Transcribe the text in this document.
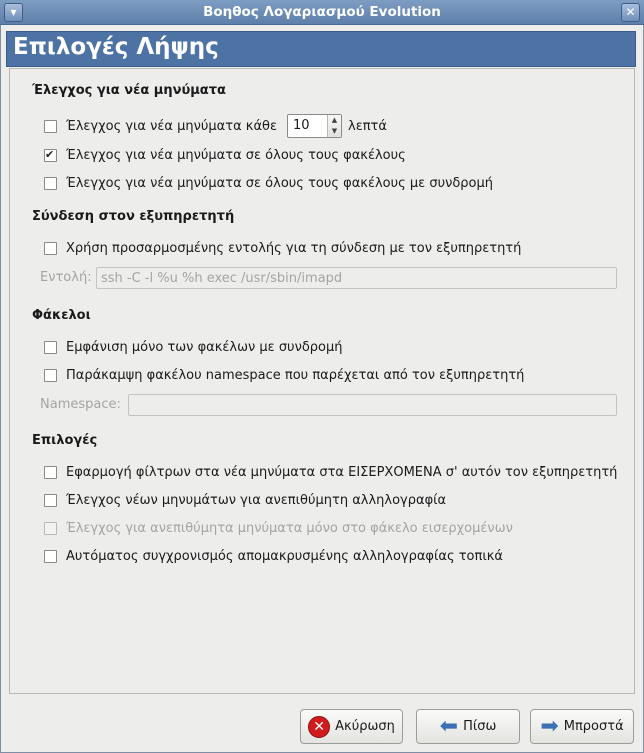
▾	Βοηθος Λογαριασμού Evolution	✕
Επιλογές Λήψης
Έλεγχος για νέα μηνύματα
Έλεγχος για νέα μηνύματα κάθε	10	▲
▼ λεπτά
✔
Έλεγχος για νέα μηνύματα σε όλους τους φακέλους
Έλεγχος για νέα μηνύματα σε όλους τους φακέλους με συνδρομή
Σύνδεση στον εξυπηρετητή
Χρήση προσαρμοσμένης εντολής για τη σύνδεση με τον εξυπηρετητή
Εντολή: ssh -C -l %u %h exec /usr/sbin/imapd
Φάκελοι
Εμφάνιση μόνο των φακέλων με συνδρομή
Παράκαμψη φακέλου namespace που παρέχεται από τον εξυπηρετητή
Namespace:
Επιλογές
Εφαρμογή φίλτρων στα νέα μηνύματα στα ΕΙΣΕΡΧΟΜΕΝΑ σ' αυτόν τον εξυπηρετητή
Έλεγχος νέων μηνυμάτων για ανεπιθύμητη αλληλογραφία
Έλεγχος για ανεπιθύμητα μηνύματα μόνο στο φάκελο εισερχομένων
Αυτόματος συγχρονισμός απομακρυσμένης αλληλογραφίας τοπικά
✕ Ακύρωση ⬅ Πίσω ➡ Μπροστά
